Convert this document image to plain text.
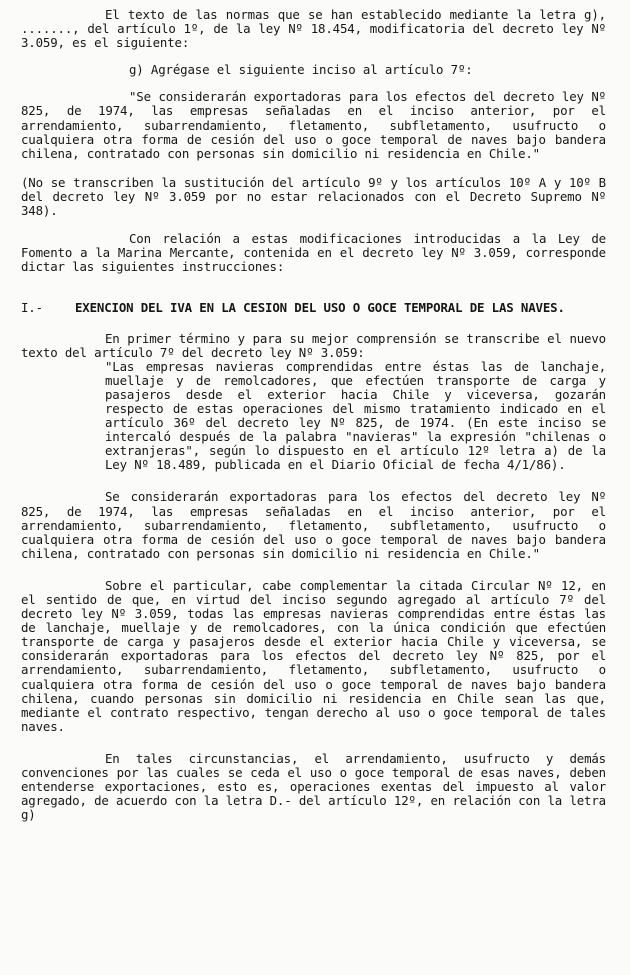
El texto de las normas que se han establecido mediante la letra g), ......., del artículo 1º, de la ley Nº 18.454, modificatoria del decreto ley Nº 3.059, es el siguiente:

g) Agrégase el siguiente inciso al artículo 7º:

"Se considerarán exportadoras para los efectos del decreto ley Nº 825, de 1974, las empresas señaladas en el inciso anterior, por el arrendamiento, subarrendamiento, fletamento, subfletamento, usufructo o cualquiera otra forma de cesión del uso o goce temporal de naves bajo bandera chilena, contratado con personas sin domicilio ni residencia en Chile."

(No se transcriben la sustitución del artículo 9º y los artículos 10º A y 10º B del decreto ley Nº 3.059 por no estar relacionados con el Decreto Supremo Nº 348).

Con relación a estas modificaciones introducidas a la Ley de Fomento a la Marina Mercante, contenida en el decreto ley Nº 3.059, corresponde dictar las siguientes instrucciones:

I.-	EXENCION DEL IVA EN LA CESION DEL USO O GOCE TEMPORAL DE LAS NAVES.

En primer término y para su mejor comprensión se transcribe el nuevo texto del artículo 7º del decreto ley Nº 3.059:

"Las empresas navieras comprendidas entre éstas las de lanchaje, muellaje y de remolcadores, que efectúen transporte de carga y pasajeros desde el exterior hacia Chile y viceversa, gozarán respecto de estas operaciones del mismo tratamiento indicado en el artículo 36º del decreto ley Nº 825, de 1974. (En este inciso se intercaló después de la palabra "navieras" la expresión "chilenas o extranjeras", según lo dispuesto en el artículo 12º letra a) de la Ley Nº 18.489, publicada en el Diario Oficial de fecha 4/1/86).

Se considerarán exportadoras para los efectos del decreto ley Nº 825, de 1974, las empresas señaladas en el inciso anterior, por el arrendamiento, subarrendamiento, fletamento, subfletamento, usufructo o cualquiera otra forma de cesión del uso o goce temporal de naves bajo bandera chilena, contratado con personas sin domicilio ni residencia en Chile."

Sobre el particular, cabe complementar la citada Circular Nº 12, en el sentido de que, en virtud del inciso segundo agregado al artículo 7º del decreto ley Nº 3.059, todas las empresas navieras comprendidas entre éstas las de lanchaje, muellaje y de remolcadores, con la única condición que efectúen transporte de carga y pasajeros desde el exterior hacia Chile y viceversa, se considerarán exportadoras para los efectos del decreto ley Nº 825, por el arrendamiento, subarrendamiento, fletamento, subfletamento, usufructo o cualquiera otra forma de cesión del uso o goce temporal de naves bajo bandera chilena, cuando personas sin domicilio ni residencia en Chile sean las que, mediante el contrato respectivo, tengan derecho al uso o goce temporal de tales naves.

En tales circunstancias, el arrendamiento, usufructo y demás convenciones por las cuales se ceda el uso o goce temporal de esas naves, deben entenderse exportaciones, esto es, operaciones exentas del impuesto al valor agregado, de acuerdo con la letra D.- del artículo 12º, en relación con la letra g)
